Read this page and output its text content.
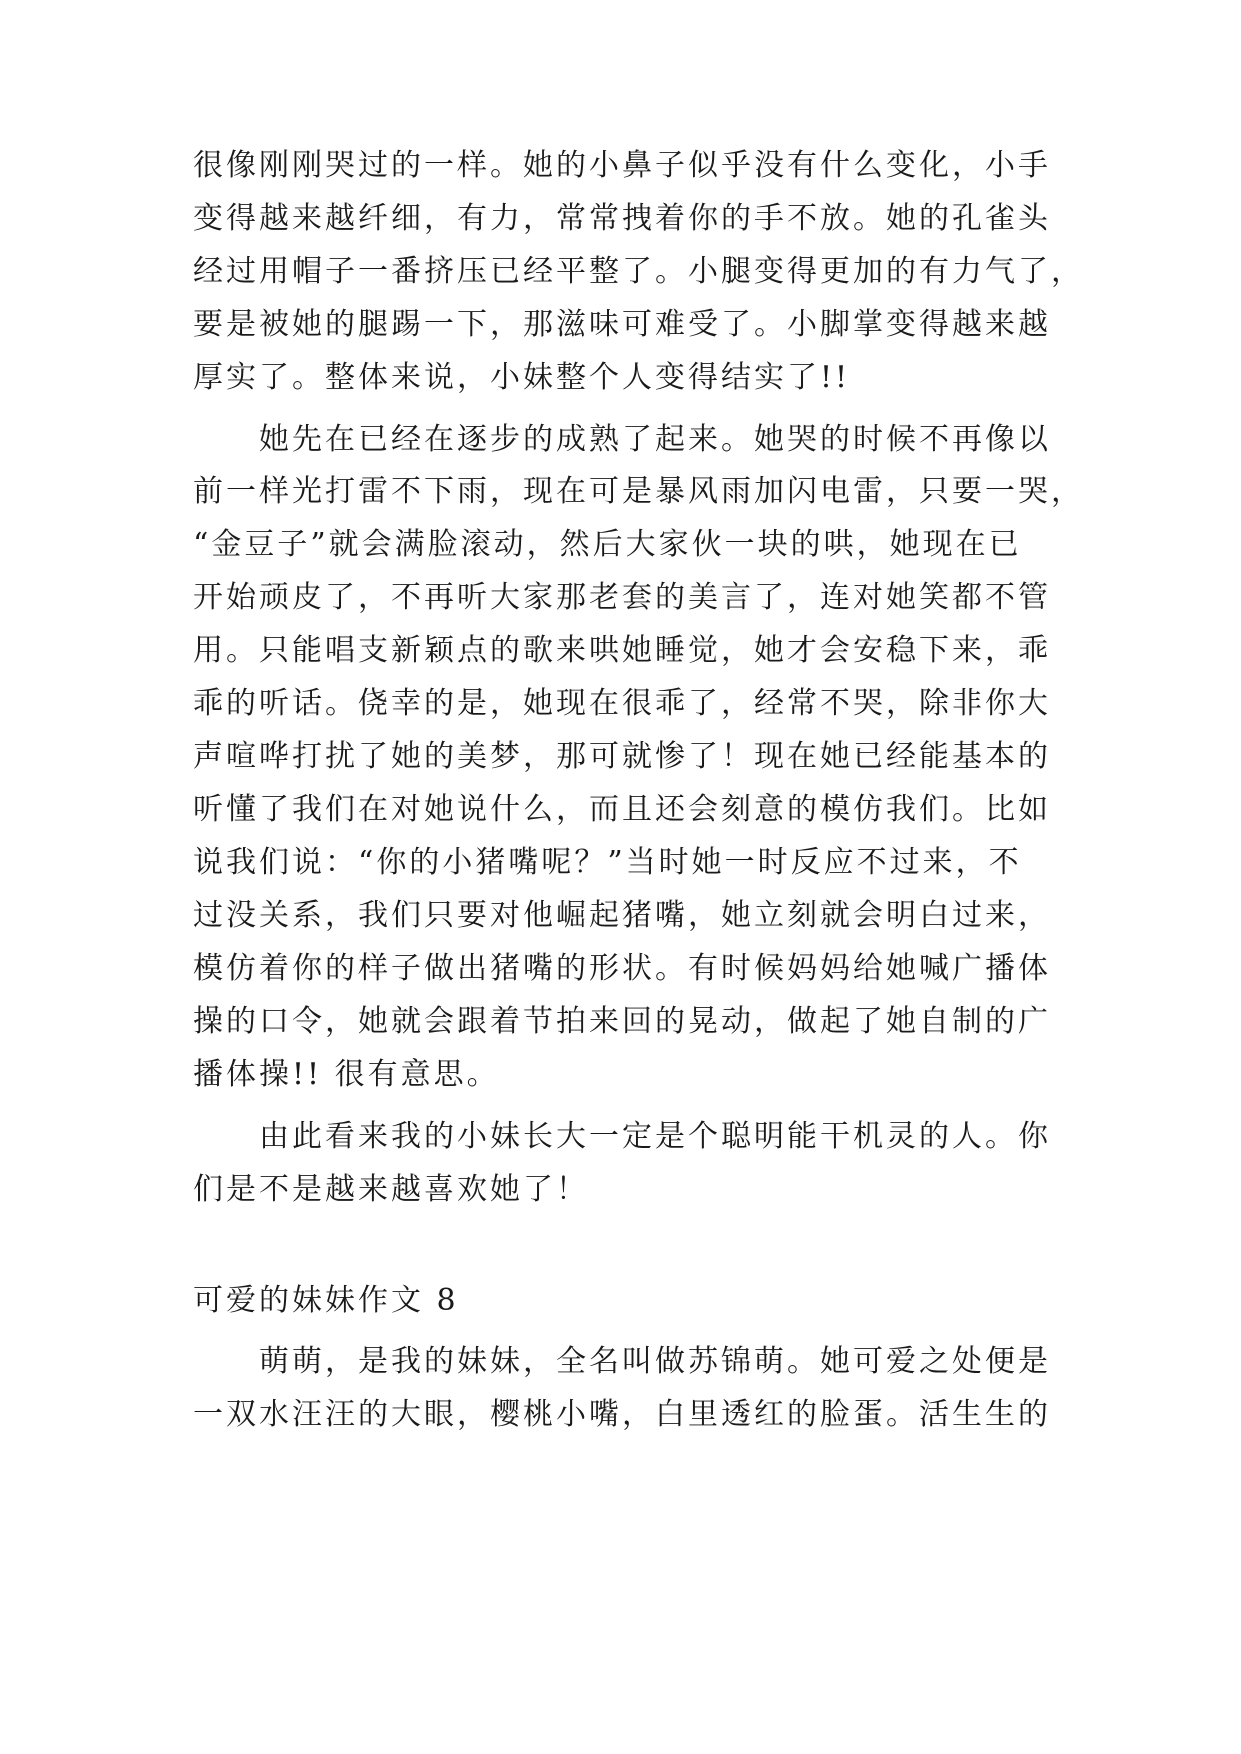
很像刚刚哭过的一样。她的小鼻子似乎没有什么变化，小手
变得越来越纤细，有力，常常拽着你的手不放。她的孔雀头
经过用帽子一番挤压已经平整了。小腿变得更加的有力气了，
要是被她的腿踢一下，那滋味可难受了。小脚掌变得越来越
厚实了。整体来说，小妹整个人变得结实了!!
她先在已经在逐步的成熟了起来。她哭的时候不再像以
前一样光打雷不下雨，现在可是暴风雨加闪电雷，只要一哭，
“金豆子”就会满脸滚动，然后大家伙一块的哄，她现在已
开始顽皮了，不再听大家那老套的美言了，连对她笑都不管
用。只能唱支新颖点的歌来哄她睡觉，她才会安稳下来，乖
乖的听话。侥幸的是，她现在很乖了，经常不哭，除非你大
声喧哗打扰了她的美梦，那可就惨了！现在她已经能基本的
听懂了我们在对她说什么，而且还会刻意的模仿我们。比如
说我们说：“你的小猪嘴呢？”当时她一时反应不过来，不
过没关系，我们只要对他崛起猪嘴，她立刻就会明白过来，
模仿着你的样子做出猪嘴的形状。有时候妈妈给她喊广播体
操的口令，她就会跟着节拍来回的晃动，做起了她自制的广
播体操!! 很有意思。
由此看来我的小妹长大一定是个聪明能干机灵的人。你
们是不是越来越喜欢她了！
可爱的妹妹作文 8
萌萌，是我的妹妹，全名叫做苏锦萌。她可爱之处便是
一双水汪汪的大眼，樱桃小嘴，白里透红的脸蛋。活生生的
